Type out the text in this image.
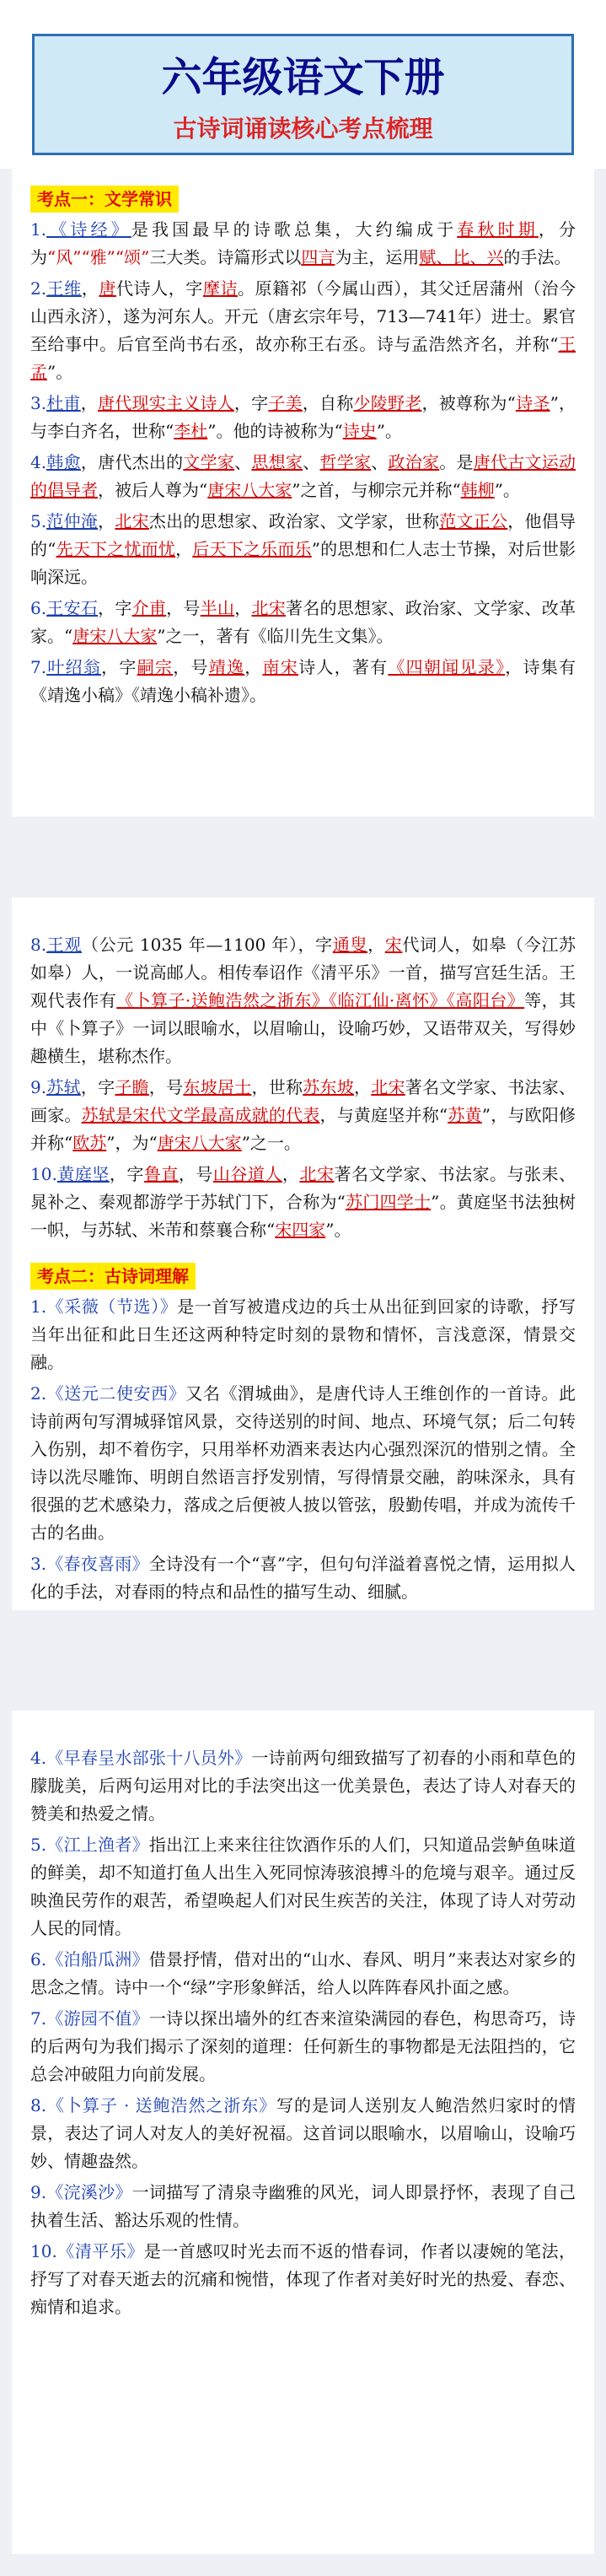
六年级语文下册
古诗词诵读核心考点梳理
考点一：文学常识

1.《诗经》是我国最早的诗歌总集，大约编成于春秋时期，分为“风”“雅”“颂”三大类。诗篇形式以四言为主，运用赋、比、兴的手法。

2.王维，唐代诗人，字摩诘。原籍祁（今属山西），其父迁居蒲州（治今山西永济），遂为河东人。开元（唐玄宗年号，713—741年）进士。累官至给事中。后官至尚书右丞，故亦称王右丞。诗与孟浩然齐名，并称“王孟”。

3.杜甫，唐代现实主义诗人，字子美，自称少陵野老，被尊称为“诗圣”，与李白齐名，世称“李杜”。他的诗被称为“诗史”。

4.韩愈，唐代杰出的文学家、思想家、哲学家、政治家。是唐代古文运动的倡导者，被后人尊为“唐宋八大家”之首，与柳宗元并称“韩柳”。

5.范仲淹，北宋杰出的思想家、政治家、文学家，世称范文正公，他倡导的“先天下之忧而忧，后天下之乐而乐”的思想和仁人志士节操，对后世影响深远。

6.王安石，字介甫，号半山，北宋著名的思想家、政治家、文学家、改革家。“唐宋八大家”之一，著有《临川先生文集》。

7.叶绍翁，字嗣宗，号靖逸，南宋诗人，著有《四朝闻见录》，诗集有《靖逸小稿》《靖逸小稿补遗》。

8.王观（公元 1035 年—1100 年），字通叟，宋代词人，如皋（今江苏如皋）人，一说高邮人。相传奉诏作《清平乐》一首，描写宫廷生活。王观代表作有《卜算子·送鲍浩然之浙东》《临江仙·离怀》《高阳台》等，其中《卜算子》一词以眼喻水，以眉喻山，设喻巧妙，又语带双关，写得妙趣横生，堪称杰作。

9.苏轼，字子瞻，号东坡居士，世称苏东坡，北宋著名文学家、书法家、画家。苏轼是宋代文学最高成就的代表，与黄庭坚并称“苏黄”，与欧阳修并称“欧苏”，为“唐宋八大家”之一。

10.黄庭坚，字鲁直，号山谷道人，北宋著名文学家、书法家。与张耒、晁补之、秦观都游学于苏轼门下，合称为“苏门四学士”。黄庭坚书法独树一帜，与苏轼、米芾和蔡襄合称“宋四家”。

考点二：古诗词理解

1.《采薇（节选）》是一首写被遣戍边的兵士从出征到回家的诗歌，抒写当年出征和此日生还这两种特定时刻的景物和情怀，言浅意深，情景交融。

2.《送元二使安西》又名《渭城曲》，是唐代诗人王维创作的一首诗。此诗前两句写渭城驿馆风景，交待送别的时间、地点、环境气氛；后二句转入伤别，却不着伤字，只用举杯劝酒来表达内心强烈深沉的惜别之情。全诗以洗尽雕饰、明朗自然语言抒发别情，写得情景交融，韵味深永，具有很强的艺术感染力，落成之后便被人披以管弦，殷勤传唱，并成为流传千古的名曲。

3.《春夜喜雨》全诗没有一个“喜”字，但句句洋溢着喜悦之情，运用拟人化的手法，对春雨的特点和品性的描写生动、细腻。

4.《早春呈水部张十八员外》一诗前两句细致描写了初春的小雨和草色的朦胧美，后两句运用对比的手法突出这一优美景色，表达了诗人对春天的赞美和热爱之情。

5.《江上渔者》指出江上来来往往饮酒作乐的人们，只知道品尝鲈鱼味道的鲜美，却不知道打鱼人出生入死同惊涛骇浪搏斗的危境与艰辛。通过反映渔民劳作的艰苦，希望唤起人们对民生疾苦的关注，体现了诗人对劳动人民的同情。

6.《泊船瓜洲》借景抒情，借对出的“山水、春风、明月”来表达对家乡的思念之情。诗中一个“绿”字形象鲜活，给人以阵阵春风扑面之感。

7.《游园不值》一诗以探出墙外的红杏来渲染满园的春色，构思奇巧，诗的后两句为我们揭示了深刻的道理：任何新生的事物都是无法阻挡的，它总会冲破阻力向前发展。

8.《卜算子 · 送鲍浩然之浙东》写的是词人送别友人鲍浩然归家时的情景，表达了词人对友人的美好祝福。这首词以眼喻水，以眉喻山，设喻巧妙、情趣盎然。

9.《浣溪沙》一词描写了清泉寺幽雅的风光，词人即景抒怀，表现了自己执着生活、豁达乐观的性情。

10.《清平乐》是一首感叹时光去而不返的惜春词，作者以凄婉的笔法，抒写了对春天逝去的沉痛和惋惜，体现了作者对美好时光的热爱、春恋、痴情和追求。
